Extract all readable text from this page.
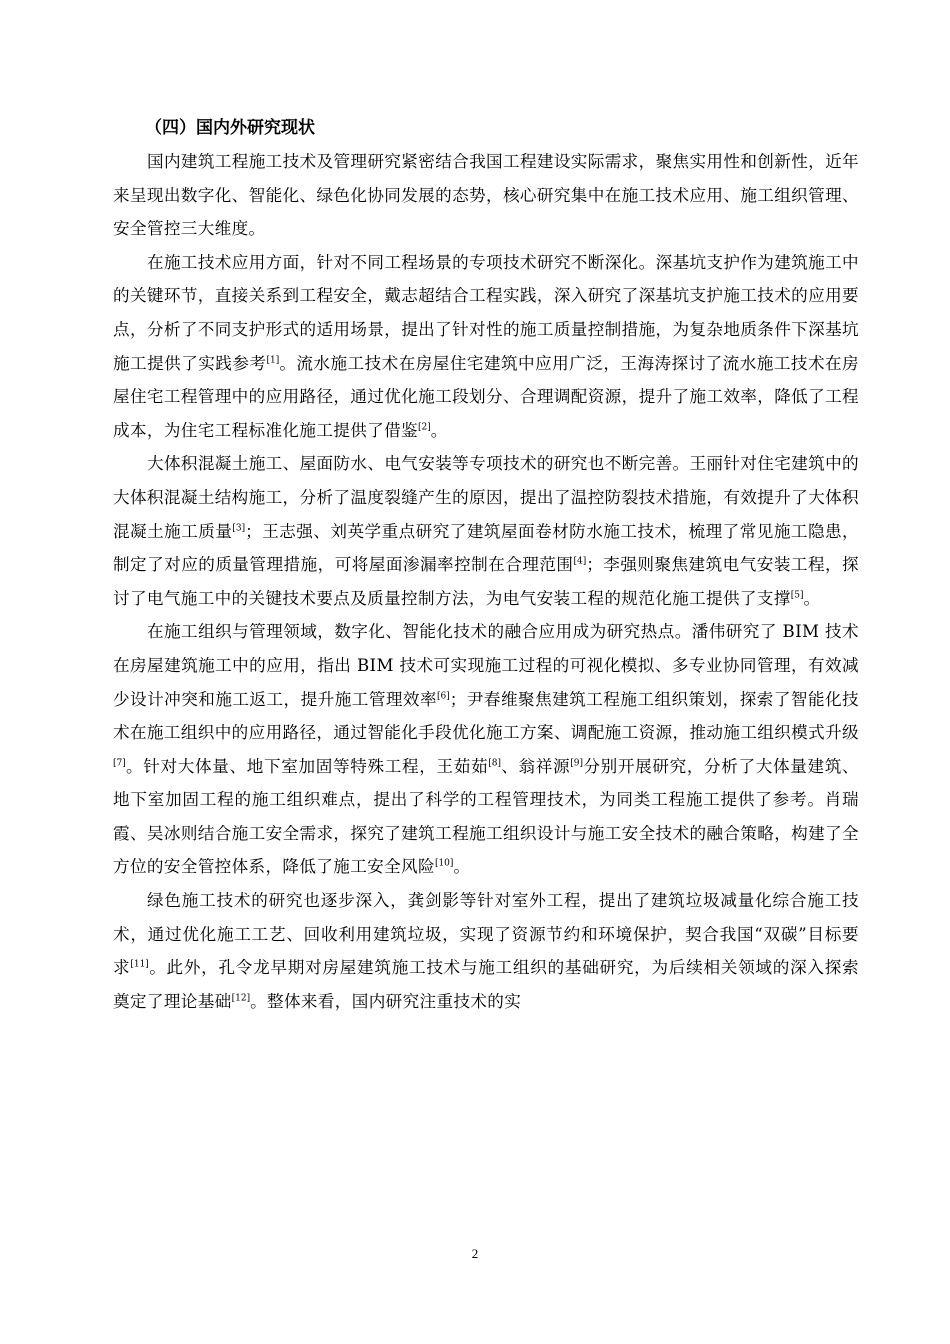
（四）国内外研究现状

国内建筑工程施工技术及管理研究紧密结合我国工程建设实际需求，聚焦实用性和创新性，近年来呈现出数字化、智能化、绿色化协同发展的态势，核心研究集中在施工技术应用、施工组织管理、安全管控三大维度。

在施工技术应用方面，针对不同工程场景的专项技术研究不断深化。深基坑支护作为建筑施工中的关键环节，直接关系到工程安全，戴志超结合工程实践，深入研究了深基坑支护施工技术的应用要点，分析了不同支护形式的适用场景，提出了针对性的施工质量控制措施，为复杂地质条件下深基坑施工提供了实践参考[1]。流水施工技术在房屋住宅建筑中应用广泛，王海涛探讨了流水施工技术在房屋住宅工程管理中的应用路径，通过优化施工段划分、合理调配资源，提升了施工效率，降低了工程成本，为住宅工程标准化施工提供了借鉴[2]。

大体积混凝土施工、屋面防水、电气安装等专项技术的研究也不断完善。王丽针对住宅建筑中的大体积混凝土结构施工，分析了温度裂缝产生的原因，提出了温控防裂技术措施，有效提升了大体积混凝土施工质量[3]；王志强、刘英学重点研究了建筑屋面卷材防水施工技术，梳理了常见施工隐患，制定了对应的质量管理措施，可将屋面渗漏率控制在合理范围[4]；李强则聚焦建筑电气安装工程，探讨了电气施工中的关键技术要点及质量控制方法，为电气安装工程的规范化施工提供了支撑[5]。

在施工组织与管理领域，数字化、智能化技术的融合应用成为研究热点。潘伟研究了 BIM 技术在房屋建筑施工中的应用，指出 BIM 技术可实现施工过程的可视化模拟、多专业协同管理，有效减少设计冲突和施工返工，提升施工管理效率[6]；尹春维聚焦建筑工程施工组织策划，探索了智能化技术在施工组织中的应用路径，通过智能化手段优化施工方案、调配施工资源，推动施工组织模式升级[7]。针对大体量、地下室加固等特殊工程，王茹茹[8]、翁祥源[9]分别开展研究，分析了大体量建筑、地下室加固工程的施工组织难点，提出了科学的工程管理技术，为同类工程施工提供了参考。肖瑞霞、吴冰则结合施工安全需求，探究了建筑工程施工组织设计与施工安全技术的融合策略，构建了全方位的安全管控体系，降低了施工安全风险[10]。

绿色施工技术的研究也逐步深入，龚剑影等针对室外工程，提出了建筑垃圾减量化综合施工技术，通过优化施工工艺、回收利用建筑垃圾，实现了资源节约和环境保护，契合我国“双碳”目标要求[11]。此外，孔令龙早期对房屋建筑施工技术与施工组织的基础研究，为后续相关领域的深入探索奠定了理论基础[12]。整体来看，国内研究注重技术的实

2
